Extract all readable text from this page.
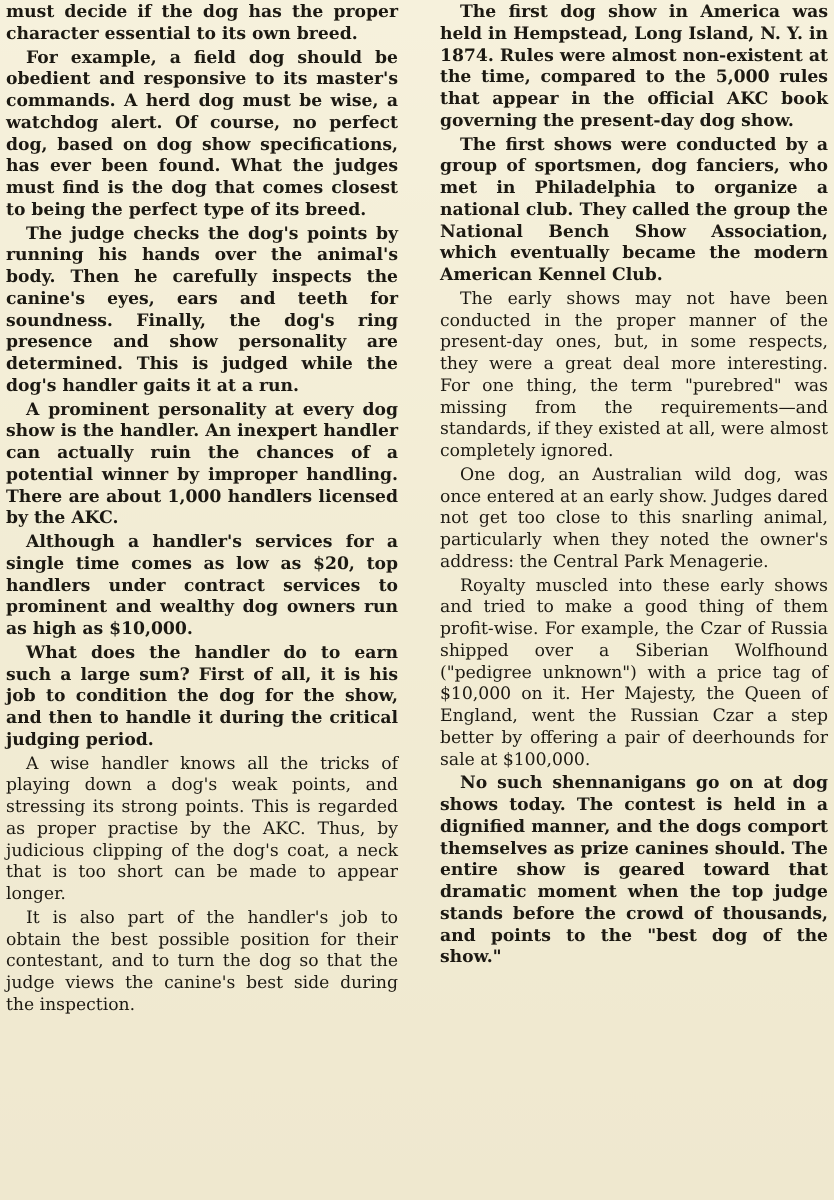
must decide if the dog has the proper character essential to its own breed.

For example, a field dog should be obedient and responsive to its master's commands. A herd dog must be wise, a watchdog alert. Of course, no perfect dog, based on dog show specifications, has ever been found. What the judges must find is the dog that comes closest to being the perfect type of its breed.

The judge checks the dog's points by running his hands over the animal's body. Then he carefully inspects the canine's eyes, ears and teeth for soundness. Finally, the dog's ring presence and show personality are determined. This is judged while the dog's handler gaits it at a run.

A prominent personality at every dog show is the handler. An inexpert handler can actually ruin the chances of a potential winner by improper handling. There are about 1,000 handlers licensed by the AKC.

Although a handler's services for a single time comes as low as $20, top handlers under contract services to prominent and wealthy dog owners run as high as $10,000.

What does the handler do to earn such a large sum? First of all, it is his job to condition the dog for the show, and then to handle it during the critical judging period.

A wise handler knows all the tricks of playing down a dog's weak points, and stressing its strong points. This is regarded as proper practise by the AKC. Thus, by judicious clipping of the dog's coat, a neck that is too short can be made to appear longer.

It is also part of the handler's job to obtain the best possible position for their contestant, and to turn the dog so that the judge views the canine's best side during the inspection.

The first dog show in America was held in Hempstead, Long Island, N. Y. in 1874. Rules were almost non-existent at the time, compared to the 5,000 rules that appear in the official AKC book governing the present-day dog show.

The first shows were conducted by a group of sportsmen, dog fanciers, who met in Philadelphia to organize a national club. They called the group the National Bench Show Association, which eventually became the modern American Kennel Club.

The early shows may not have been conducted in the proper manner of the present-day ones, but, in some respects, they were a great deal more interesting. For one thing, the term "purebred" was missing from the requirements—and standards, if they existed at all, were almost completely ignored.

One dog, an Australian wild dog, was once entered at an early show. Judges dared not get too close to this snarling animal, particularly when they noted the owner's address: the Central Park Menagerie.

Royalty muscled into these early shows and tried to make a good thing of them profit-wise. For example, the Czar of Russia shipped over a Siberian Wolfhound ("pedigree unknown") with a price tag of $10,000 on it. Her Majesty, the Queen of England, went the Russian Czar a step better by offering a pair of deerhounds for sale at $100,000.

No such shennanigans go on at dog shows today. The contest is held in a dignified manner, and the dogs comport themselves as prize canines should. The entire show is geared toward that dramatic moment when the top judge stands before the crowd of thousands, and points to the "best dog of the show."
